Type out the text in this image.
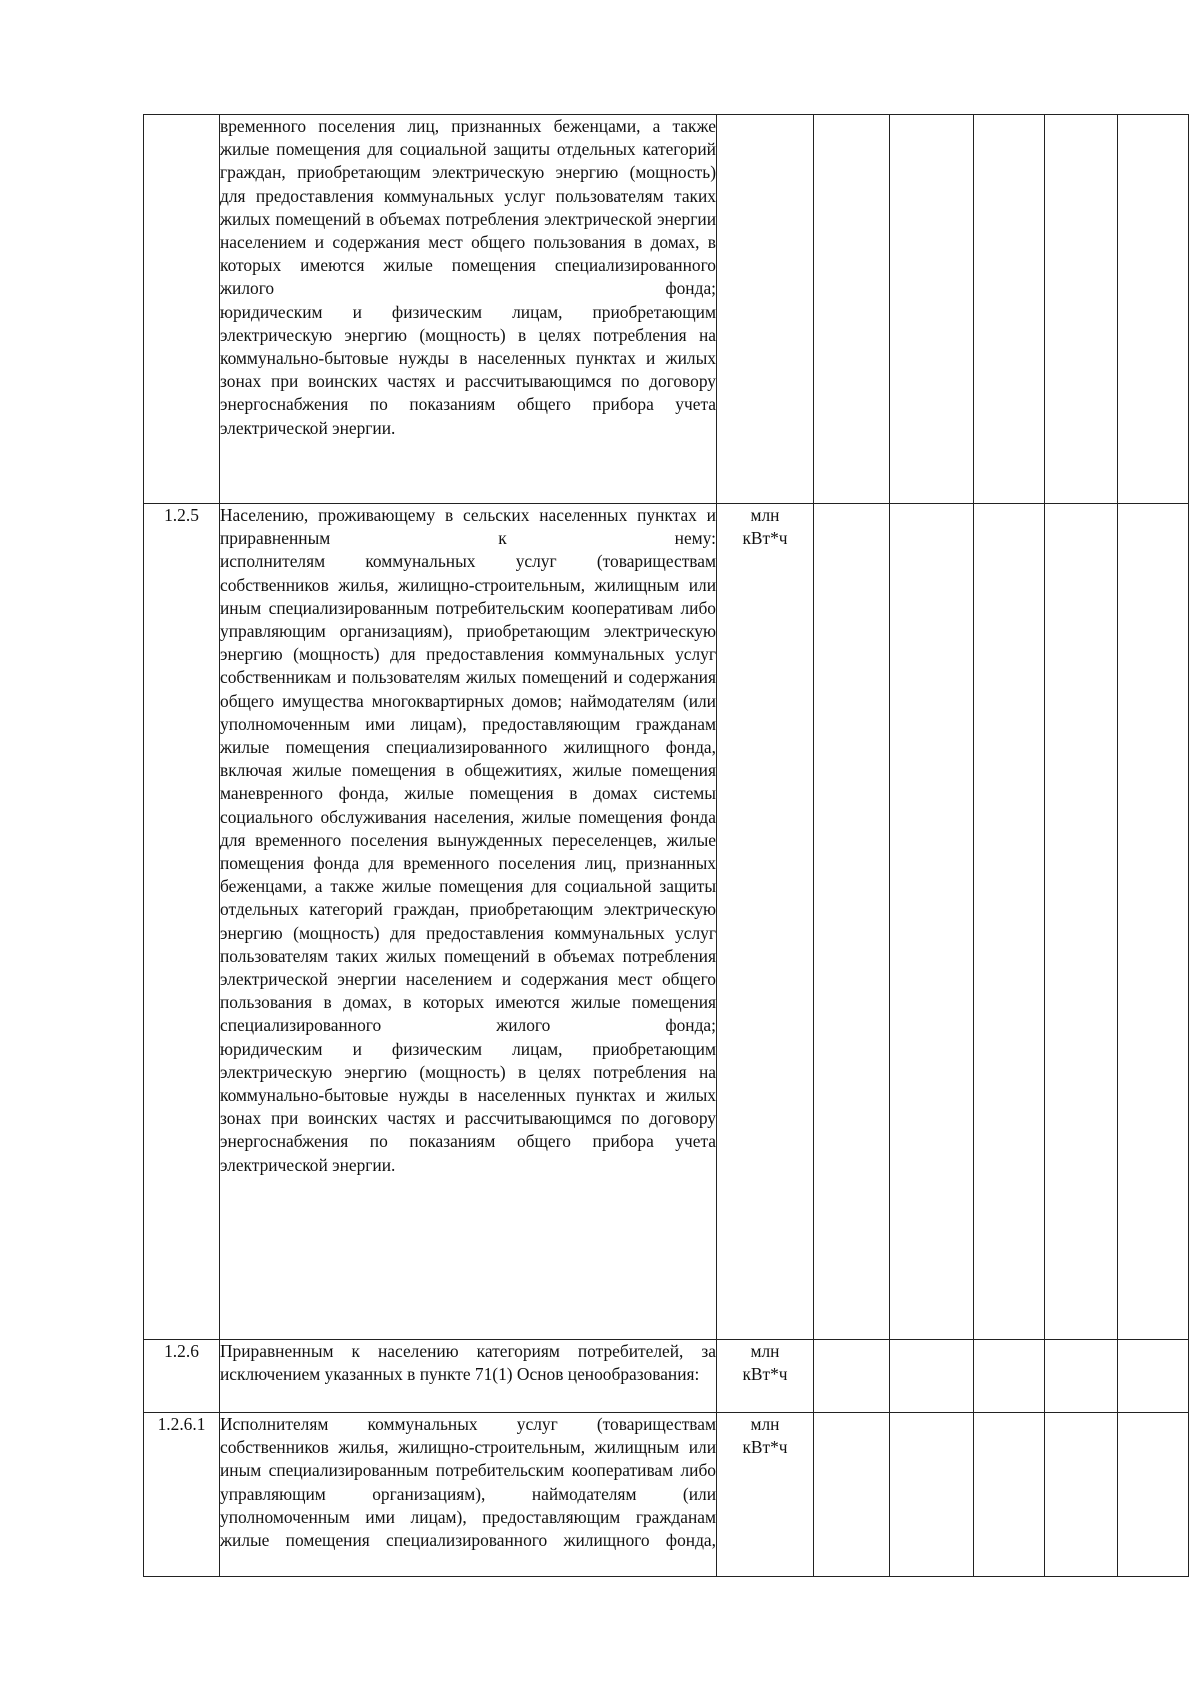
	временного поселения лиц, признанных беженцами, а также жилые помещения для социальной защиты отдельных категорий граждан, приобретающим электрическую энергию (мощность) для предоставления коммунальных услуг пользователям таких жилых помещений в объемах потребления электрической энергии населением и содержания мест общего пользования в домах, в которых имеются жилые помещения специализированного жилого фонда;
юридическим и физическим лицам, приобретающим электрическую энергию (мощность) в целях потребления на коммунально-бытовые нужды в населенных пунктах и жилых зонах при воинских частях и рассчитывающимся по договору энергоснабжения по показаниям общего прибора учета электрической энергии.						

1.2.5	Населению, проживающему в сельских населенных пунктах и приравненным к нему:
исполнителям коммунальных услуг (товариществам собственников жилья, жилищно-строительным, жилищным или иным специализированным потребительским кооперативам либо управляющим организациям), приобретающим электрическую энергию (мощность) для предоставления коммунальных услуг собственникам и пользователям жилых помещений и содержания общего имущества многоквартирных домов; наймодателям (или уполномоченным ими лицам), предоставляющим гражданам жилые помещения специализированного жилищного фонда, включая жилые помещения в общежитиях, жилые помещения маневренного фонда, жилые помещения в домах системы социального обслуживания населения, жилые помещения фонда для временного поселения вынужденных переселенцев, жилые помещения фонда для временного поселения лиц, признанных беженцами, а также жилые помещения для социальной защиты отдельных категорий граждан, приобретающим электрическую энергию (мощность) для предоставления коммунальных услуг пользователям таких жилых помещений в объемах потребления электрической энергии населением и содержания мест общего пользования в домах, в которых имеются жилые помещения специализированного жилого фонда;
юридическим и физическим лицам, приобретающим электрическую энергию (мощность) в целях потребления на коммунально-бытовые нужды в населенных пунктах и жилых зонах при воинских частях и рассчитывающимся по договору энергоснабжения по показаниям общего прибора учета электрической энергии.	млн кВт*ч					
1.2.6	Приравненным к населению категориям потребителей, за исключением указанных в пункте 71(1) Основ ценообразования:	млн кВт*ч					
1.2.6.1	Исполнителям коммунальных услуг (товариществам собственников жилья, жилищно-строительным, жилищным или иным специализированным потребительским кооперативам либо управляющим организациям), наймодателям (или уполномоченным ими лицам), предоставляющим гражданам жилые помещения специализированного жилищного фонда,	млн кВт*ч					
